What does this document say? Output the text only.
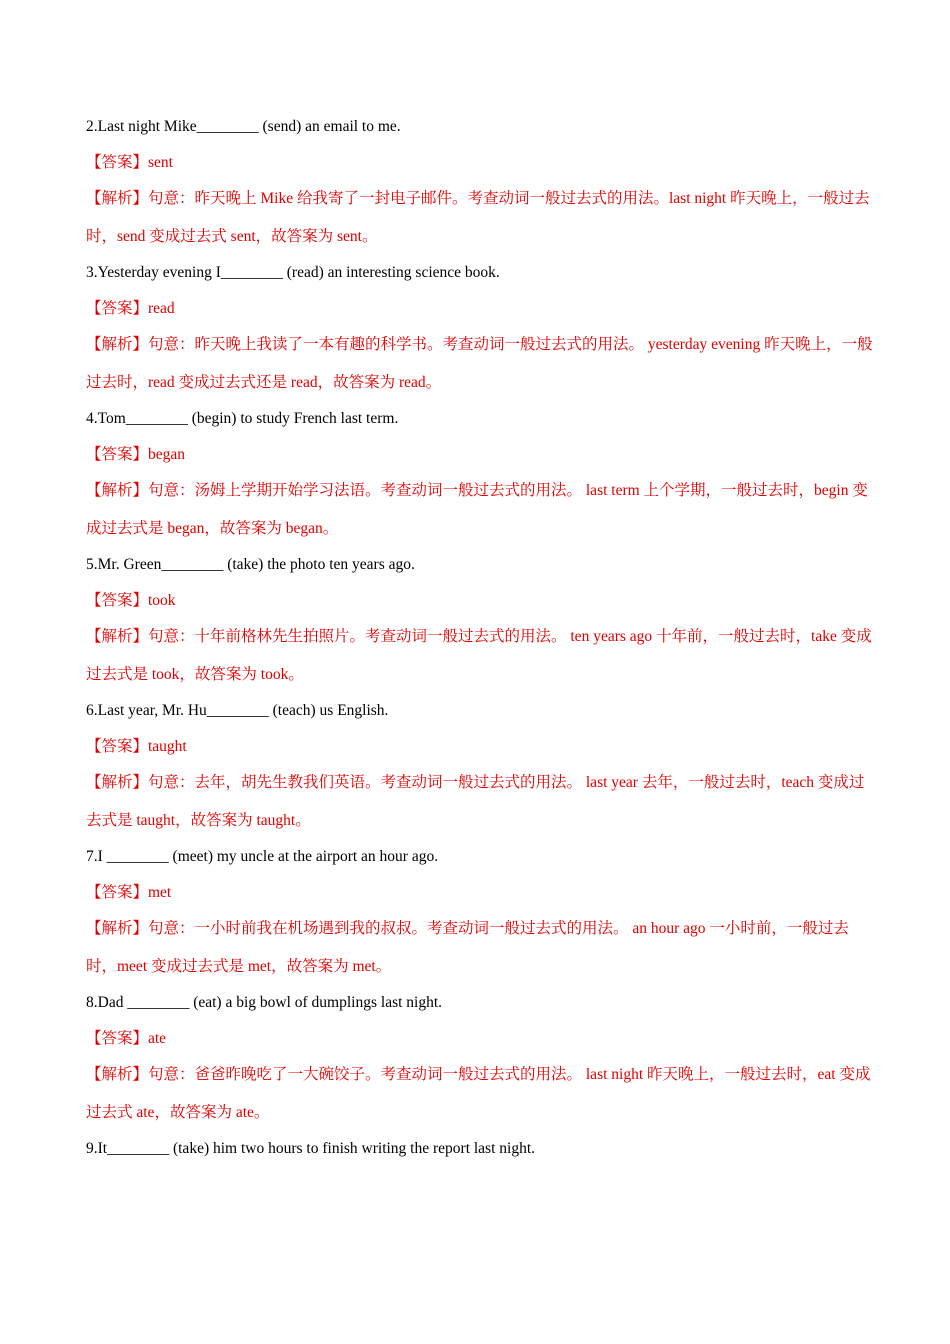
2.Last night Mike________ (send) an email to me.
【答案】sent
【解析】句意：昨天晚上 Mike 给我寄了一封电子邮件。考查动词一般过去式的用法。last night 昨天晚上，一般过去时，send 变成过去式 sent，故答案为 sent。
3.Yesterday evening I________ (read) an interesting science book.
【答案】read
【解析】句意：昨天晚上我读了一本有趣的科学书。考查动词一般过去式的用法。 yesterday evening 昨天晚上，一般过去时，read 变成过去式还是 read，故答案为 read。
4.Tom________ (begin) to study French last term.
【答案】began
【解析】句意：汤姆上学期开始学习法语。考查动词一般过去式的用法。 last term 上个学期，一般过去时，begin 变成过去式是 began，故答案为 began。
5.Mr. Green________ (take) the photo ten years ago.
【答案】took
【解析】句意：十年前格林先生拍照片。考查动词一般过去式的用法。 ten years ago 十年前，一般过去时，take 变成过去式是 took，故答案为 took。
6.Last year, Mr. Hu________ (teach) us English.
【答案】taught
【解析】句意：去年，胡先生教我们英语。考查动词一般过去式的用法。 last year 去年，一般过去时，teach 变成过去式是 taught，故答案为 taught。
7.I ________ (meet) my uncle at the airport an hour ago.
【答案】met
【解析】句意：一小时前我在机场遇到我的叔叔。考查动词一般过去式的用法。 an hour ago 一小时前，一般过去时，meet 变成过去式是 met，故答案为 met。
8.Dad ________ (eat) a big bowl of dumplings last night.
【答案】ate
【解析】句意：爸爸昨晚吃了一大碗饺子。考查动词一般过去式的用法。 last night 昨天晚上，一般过去时，eat 变成过去式 ate，故答案为 ate。
9.It________ (take) him two hours to finish writing the report last night.
